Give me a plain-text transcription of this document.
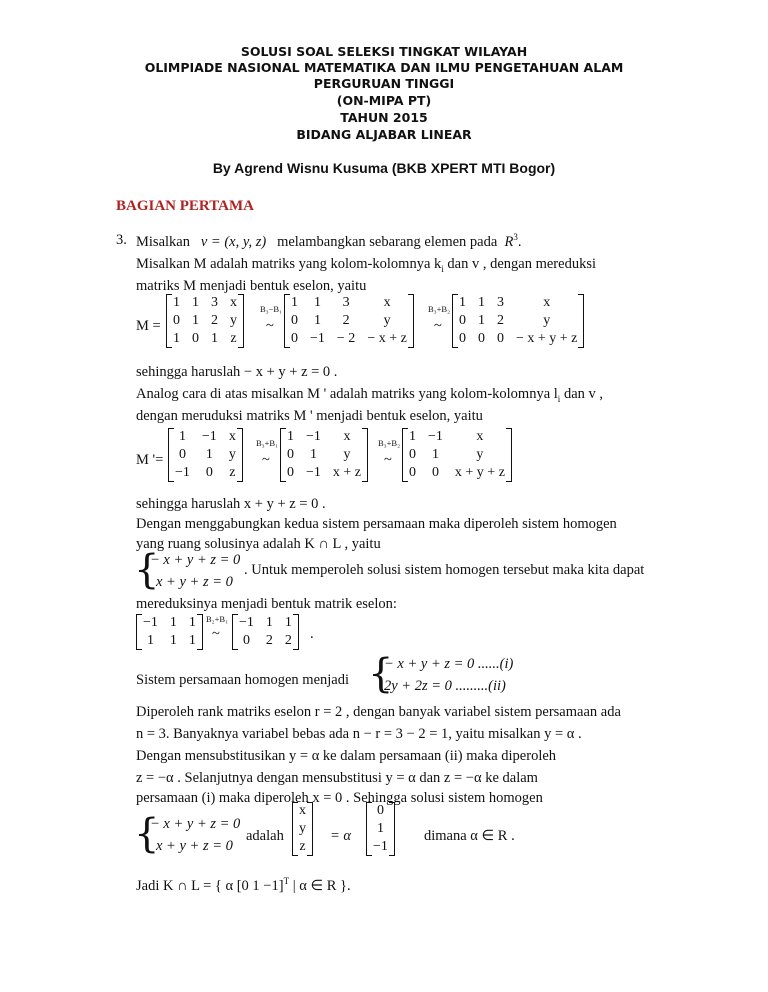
SOLUSI SOAL SELEKSI TINGKAT WILAYAH
OLIMPIADE NASIONAL MATEMATIKA DAN ILMU PENGETAHUAN ALAM
PERGURUAN TINGGI
(ON-MIPA PT)
TAHUN 2015
BIDANG ALJABAR LINEAR
By Agrend Wisnu Kusuma (BKB XPERT MTI Bogor)
BAGIAN PERTAMA
3. Misalkan v = (x, y, z) melambangkan sebarang elemen pada $R^3$.
Misalkan M adalah matriks yang kolom-kolomnya $k_i$ dan v , dengan mereduksi
matriks M menjadi bentuk eselon, yaitu
M =
1	1	3	x
0	1	2	y
1	0	1	z
B₃−B₁
~
1	1	3	x
0	1	2	y
0	−1	− 2	− x + z
B₃+B₂
~
1	1	3	x
0	1	2	y
0	0	0	− x + y + z
sehingga haruslah − x + y + z = 0 .
Analog cara di atas misalkan M ' adalah matriks yang kolom-kolomnya $l_i$ dan v ,
dengan meruduksi matriks M ' menjadi bentuk eselon, yaitu
M '=
1	−1	x
0	1	y
−1	0	z
B₃+B₁
~
1	−1	x
0	1	y
0	−1	x + z
B₃+B₂
~
1	−1	x
0	1	y
0	0	x + y + z
sehingga haruslah x + y + z = 0 .
Dengan menggabungkan kedua sistem persamaan maka diperoleh sistem homogen
yang ruang solusinya adalah K ∩ L , yaitu
{
− x + y + z = 0
x + y + z = 0
. Untuk memperoleh solusi sistem homogen tersebut maka kita dapat
mereduksinya menjadi bentuk matrik eselon:
−1	1	1
1	1	1
B₂+B₁
~
−1	1	1
0	2	2 .
Sistem persamaan homogen menjadi {
− x + y + z = 0 ......(i)
2y + 2z = 0 .........(ii)
Diperoleh rank matriks eselon r = 2 , dengan banyak variabel sistem persamaan ada
n = 3. Banyaknya variabel bebas ada n − r = 3 − 2 = 1, yaitu misalkan y = α .
Dengan mensubstitusikan y = α ke dalam persamaan (ii) maka diperoleh
z = −α . Selanjutnya dengan mensubstitusi y = α dan z = −α ke dalam
persamaan (i) maka diperoleh x = 0 . Sehingga solusi sistem homogen
{
− x + y + z = 0
x + y + z = 0
adalah
x
y
z
= α
0
1
−1
dimana α ∈ R .
Jadi K ∩ L = { α [0 1 −1]$^T$ | α ∈ R }.
